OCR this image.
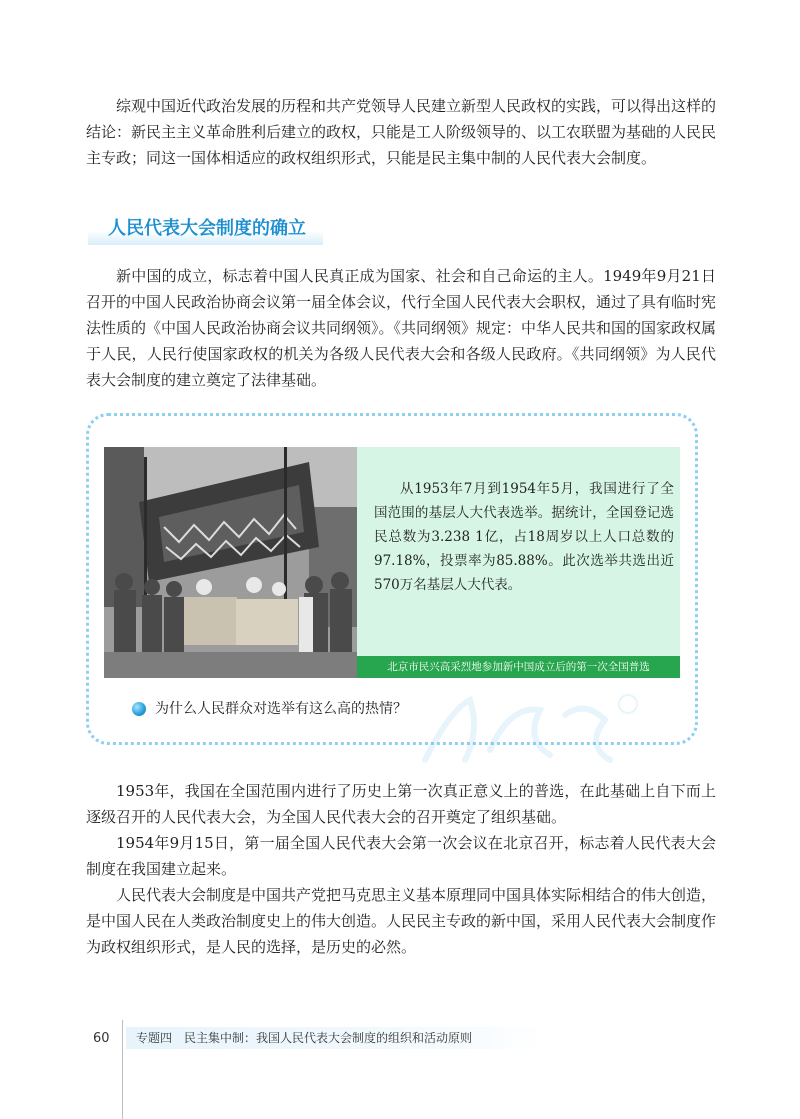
综观中国近代政治发展的历程和共产党领导人民建立新型人民政权的实践，可以得出这样的结论：新民主主义革命胜利后建立的政权，只能是工人阶级领导的、以工农联盟为基础的人民民主专政；同这一国体相适应的政权组织形式，只能是民主集中制的人民代表大会制度。

人民代表大会制度的确立

新中国的成立，标志着中国人民真正成为国家、社会和自己命运的主人。1949年9月21日召开的中国人民政治协商会议第一届全体会议，代行全国人民代表大会职权，通过了具有临时宪法性质的《中国人民政治协商会议共同纲领》。《共同纲领》规定：中华人民共和国的国家政权属于人民，人民行使国家政权的机关为各级人民代表大会和各级人民政府。《共同纲领》为人民代表大会制度的建立奠定了法律基础。

从1953年7月到1954年5月，我国进行了全国范围的基层人大代表选举。据统计，全国登记选民总数为3.238 1亿，占18周岁以上人口总数的97.18%，投票率为85.88%。此次选举共选出近570万名基层人大代表。

北京市民兴高采烈地参加新中国成立后的第一次全国普选

为什么人民群众对选举有这么高的热情？

1953年，我国在全国范围内进行了历史上第一次真正意义上的普选，在此基础上自下而上逐级召开的人民代表大会，为全国人民代表大会的召开奠定了组织基础。

1954年9月15日，第一届全国人民代表大会第一次会议在北京召开，标志着人民代表大会制度在我国建立起来。

人民代表大会制度是中国共产党把马克思主义基本原理同中国具体实际相结合的伟大创造，是中国人民在人类政治制度史上的伟大创造。人民民主专政的新中国，采用人民代表大会制度作为政权组织形式，是人民的选择，是历史的必然。

60	专题四　民主集中制：我国人民代表大会制度的组织和活动原则
